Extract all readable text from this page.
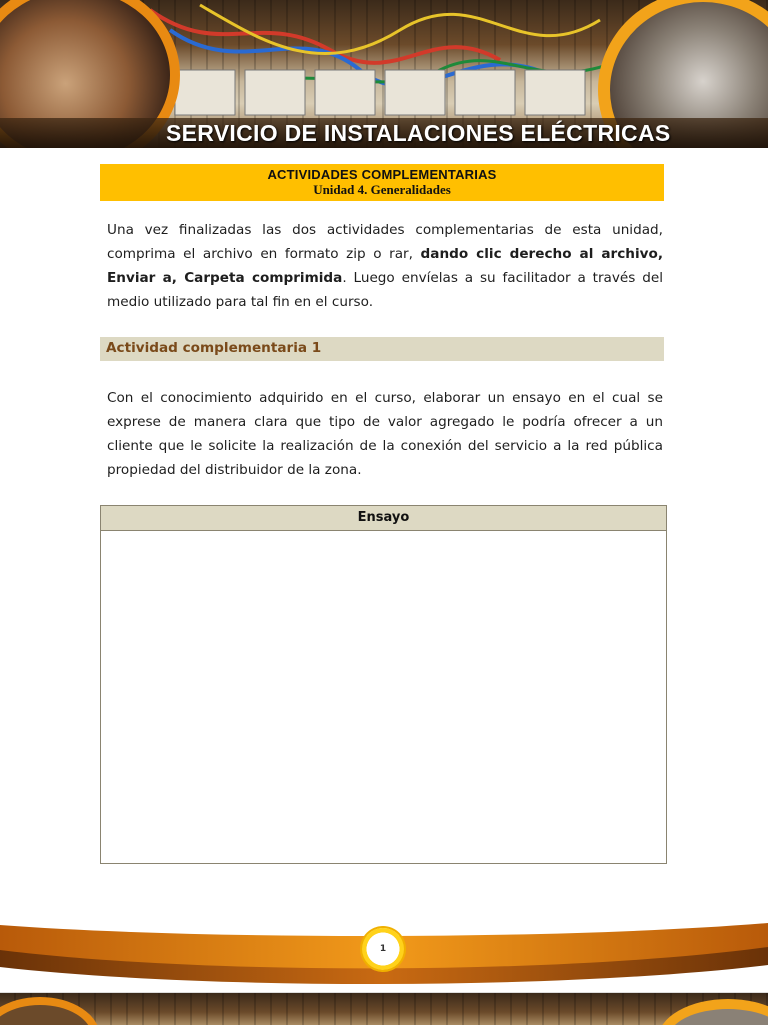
SERVICIO DE INSTALACIONES ELÉCTRICAS
ACTIVIDADES COMPLEMENTARIAS
Unidad 4. Generalidades
Una vez finalizadas las dos actividades complementarias de esta unidad, comprima el archivo en formato zip o rar, dando clic derecho al archivo, Enviar a, Carpeta comprimida. Luego envíelas a su facilitador a través del medio utilizado para tal fin en el curso.
Actividad complementaria 1
Con el conocimiento adquirido en el curso, elaborar un ensayo en el cual se exprese de manera clara que tipo de valor agregado le podría ofrecer a un cliente que le solicite la realización de la conexión del servicio a la red pública propiedad del distribuidor de la zona.
Ensayo
1
